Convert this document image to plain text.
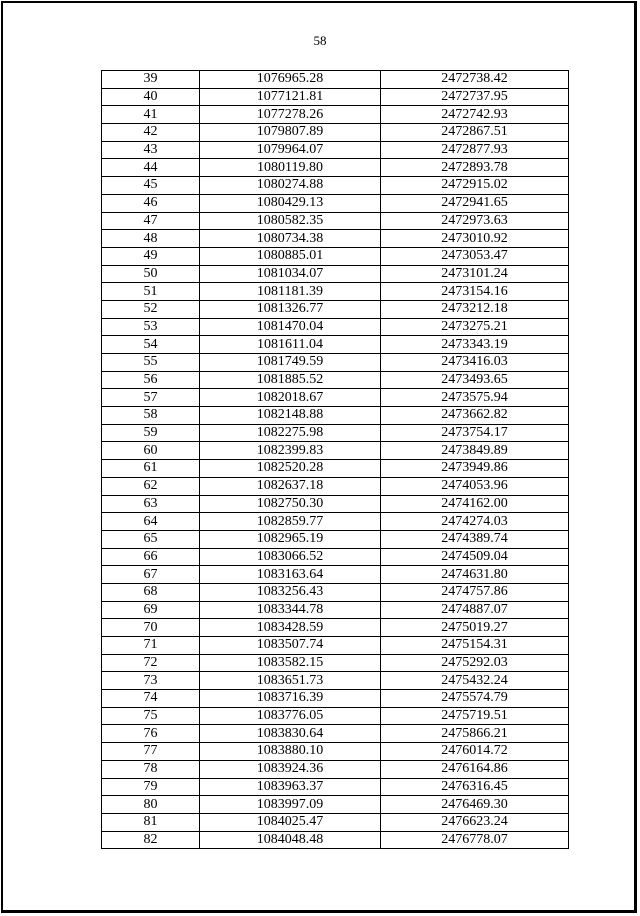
58
39	1076965.28	2472738.42
40	1077121.81	2472737.95
41	1077278.26	2472742.93
42	1079807.89	2472867.51
43	1079964.07	2472877.93
44	1080119.80	2472893.78
45	1080274.88	2472915.02
46	1080429.13	2472941.65
47	1080582.35	2472973.63
48	1080734.38	2473010.92
49	1080885.01	2473053.47
50	1081034.07	2473101.24
51	1081181.39	2473154.16
52	1081326.77	2473212.18
53	1081470.04	2473275.21
54	1081611.04	2473343.19
55	1081749.59	2473416.03
56	1081885.52	2473493.65
57	1082018.67	2473575.94
58	1082148.88	2473662.82
59	1082275.98	2473754.17
60	1082399.83	2473849.89
61	1082520.28	2473949.86
62	1082637.18	2474053.96
63	1082750.30	2474162.00
64	1082859.77	2474274.03
65	1082965.19	2474389.74
66	1083066.52	2474509.04
67	1083163.64	2474631.80
68	1083256.43	2474757.86
69	1083344.78	2474887.07
70	1083428.59	2475019.27
71	1083507.74	2475154.31
72	1083582.15	2475292.03
73	1083651.73	2475432.24
74	1083716.39	2475574.79
75	1083776.05	2475719.51
76	1083830.64	2475866.21
77	1083880.10	2476014.72
78	1083924.36	2476164.86
79	1083963.37	2476316.45
80	1083997.09	2476469.30
81	1084025.47	2476623.24
82	1084048.48	2476778.07
